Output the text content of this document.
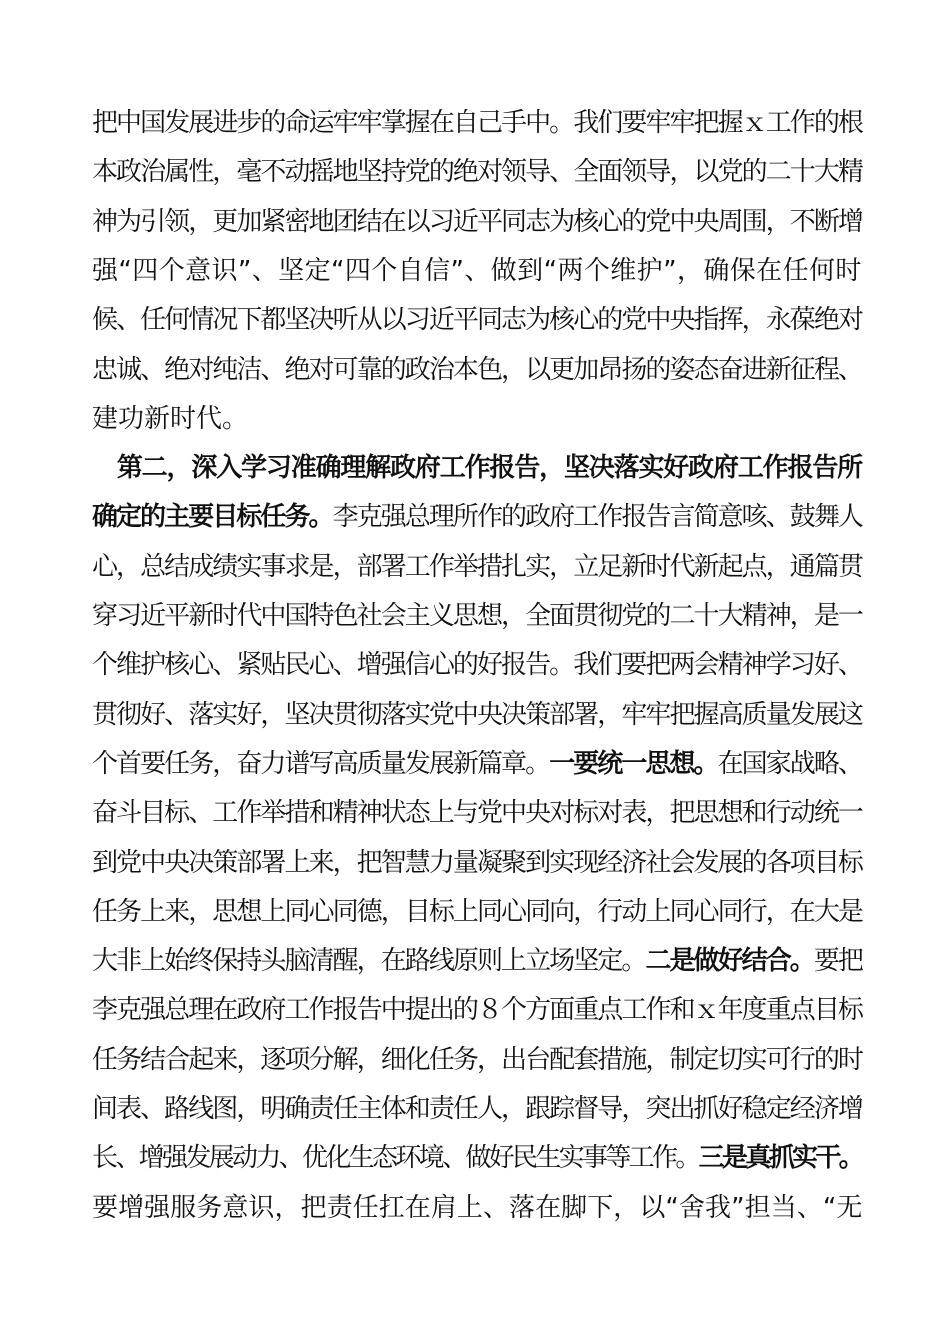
把中国发展进步的命运牢牢掌握在自己手中。我们要牢牢把握ｘ工作的根
本政治属性，毫不动摇地坚持党的绝对领导、全面领导，以党的二十大精
神为引领，更加紧密地团结在以习近平同志为核心的党中央周围，不断增
强“四个意识”、坚定“四个自信”、做到“两个维护”，确保在任何时
候、任何情况下都坚决听从以习近平同志为核心的党中央指挥，永葆绝对
忠诚、绝对纯洁、绝对可靠的政治本色，以更加昂扬的姿态奋进新征程、
建功新时代。
　第二，深入学习准确理解政府工作报告，坚决落实好政府工作报告所
确定的主要目标任务。李克强总理所作的政府工作报告言简意咳、鼓舞人
心，总结成绩实事求是，部署工作举措扎实，立足新时代新起点，通篇贯
穿习近平新时代中国特色社会主义思想，全面贯彻党的二十大精神，是一
个维护核心、紧贴民心、增强信心的好报告。我们要把两会精神学习好、
贯彻好、落实好，坚决贯彻落实党中央决策部署，牢牢把握高质量发展这
个首要任务，奋力谱写高质量发展新篇章。一要统一思想。在国家战略、
奋斗目标、工作举措和精神状态上与党中央对标对表，把思想和行动统一
到党中央决策部署上来，把智慧力量凝聚到实现经济社会发展的各项目标
任务上来，思想上同心同德，目标上同心同向，行动上同心同行，在大是
大非上始终保持头脑清醒，在路线原则上立场坚定。二是做好结合。要把
李克强总理在政府工作报告中提出的８个方面重点工作和ｘ年度重点目标
任务结合起来，逐项分解，细化任务，出台配套措施，制定切实可行的时
间表、路线图，明确责任主体和责任人，跟踪督导，突出抓好稳定经济增
长、增强发展动力、优化生态环境、做好民生实事等工作。三是真抓实干。
要增强服务意识，把责任扛在肩上、落在脚下，以“舍我”担当、“无
